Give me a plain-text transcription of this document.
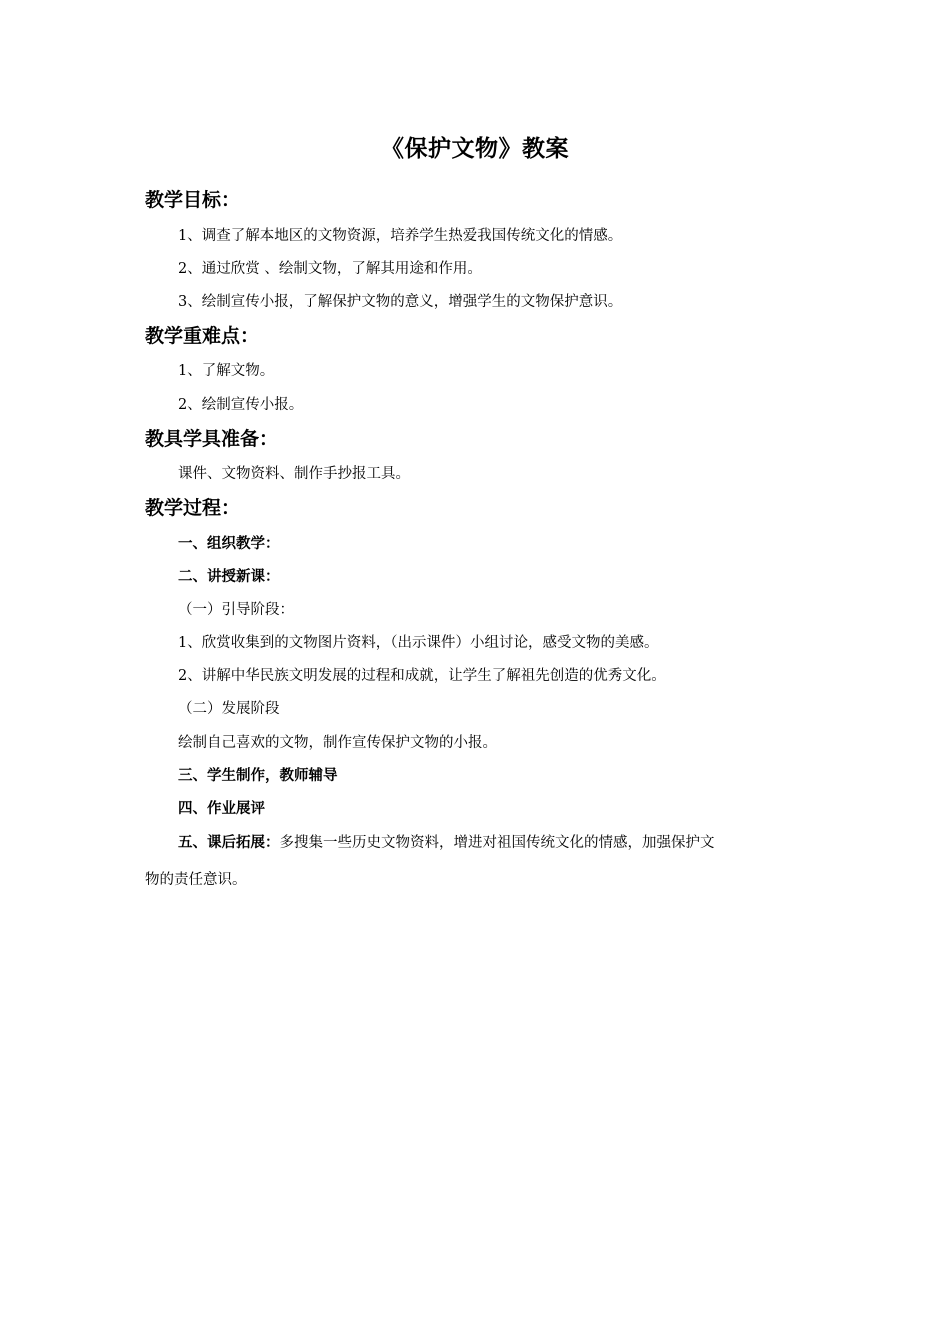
《保护文物》教案
教学目标：
1、调查了解本地区的文物资源，培养学生热爱我国传统文化的情感。
2、通过欣赏 、绘制文物，了解其用途和作用。
3、绘制宣传小报，了解保护文物的意义，增强学生的文物保护意识。
教学重难点：
1、了解文物。
2、绘制宣传小报。
教具学具准备：
课件、文物资料、制作手抄报工具。
教学过程：
一、组织教学：
二、讲授新课：
（一）引导阶段：
1、欣赏收集到的文物图片资料，（出示课件）小组讨论，感受文物的美感。
2、讲解中华民族文明发展的过程和成就，让学生了解祖先创造的优秀文化。
（二）发展阶段
绘制自己喜欢的文物，制作宣传保护文物的小报。
三、学生制作，教师辅导
四、作业展评
五、课后拓展：多搜集一些历史文物资料，增进对祖国传统文化的情感，加强保护文
物的责任意识。
